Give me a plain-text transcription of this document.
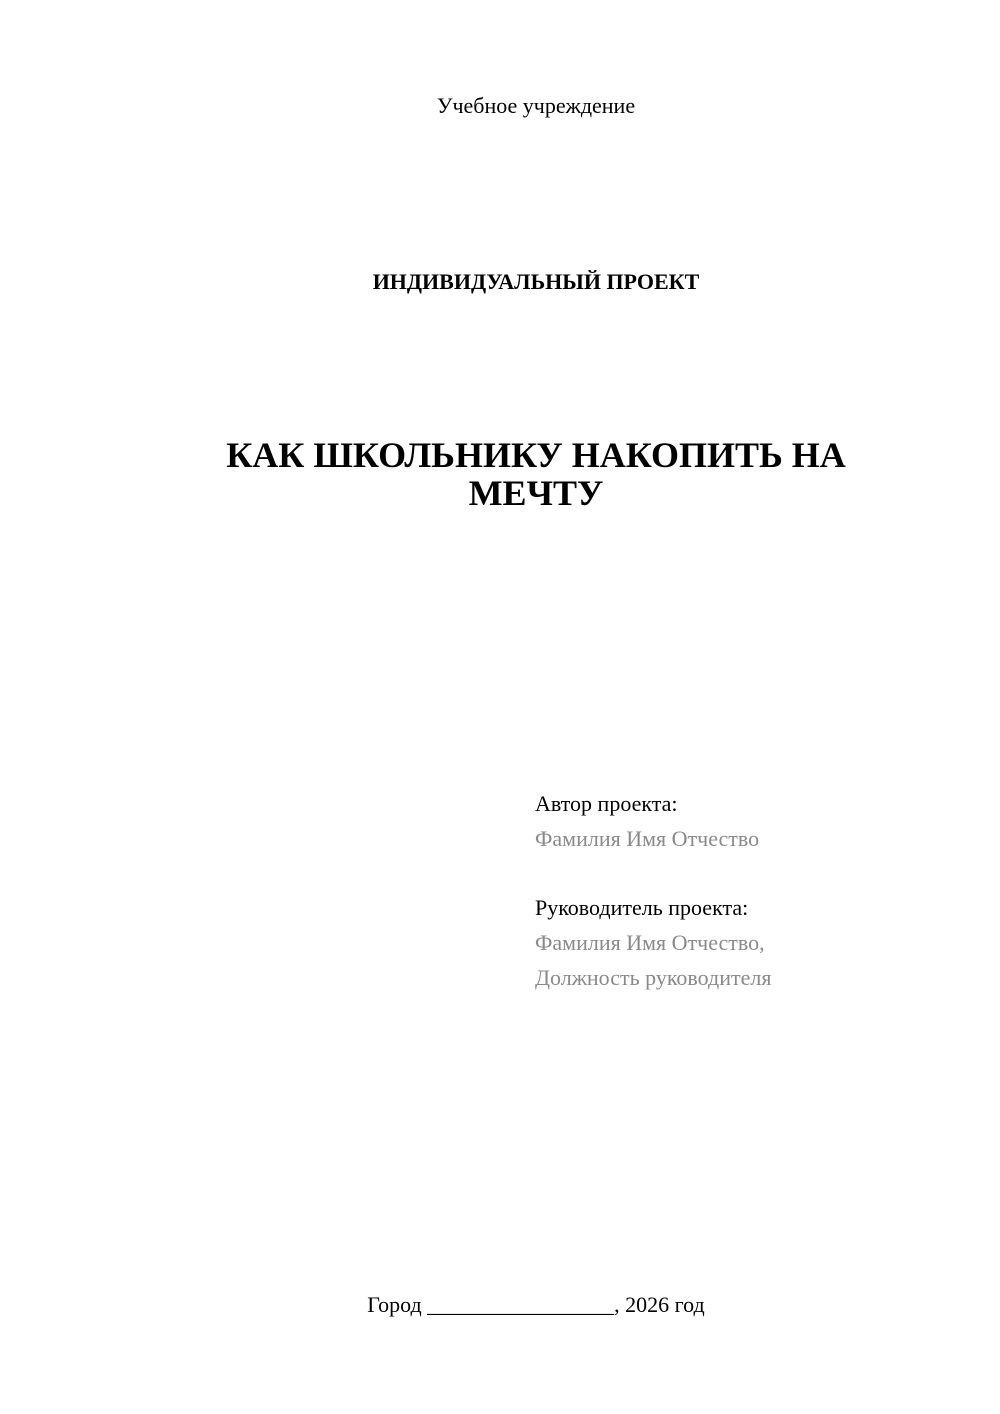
Учебное учреждение
ИНДИВИДУАЛЬНЫЙ ПРОЕКТ
КАК ШКОЛЬНИКУ НАКОПИТЬ НА
МЕЧТУ
Автор проекта:
Фамилия Имя Отчество
Руководитель проекта:
Фамилия Имя Отчество,
Должность руководителя
Город _________________, 2026 год
